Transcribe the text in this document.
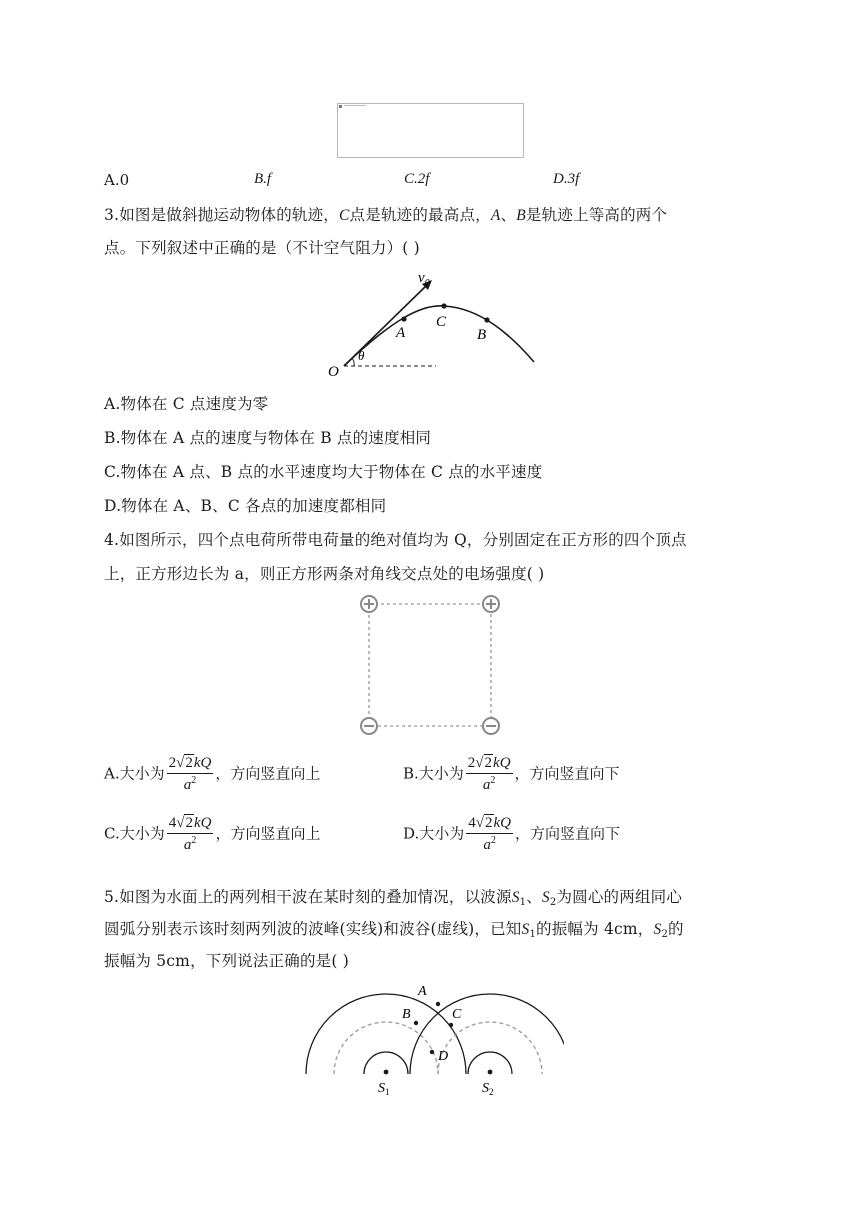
A.0	B.f	C.2f	D.3f
3.如图是做斜抛运动物体的轨迹，C点是轨迹的最高点，A、B是轨迹上等高的两个
点。下列叙述中正确的是（不计空气阻力）( )
$v_0$
A
C
B
O
θ
A.物体在 C 点速度为零
B.物体在 A 点的速度与物体在 B 点的速度相同
C.物体在 A 点、B 点的水平速度均大于物体在 C 点的水平速度
D.物体在 A、B、C 各点的加速度都相同
4.如图所示，四个点电荷所带电荷量的绝对值均为 Q，分别固定在正方形的四个顶点
上，正方形边长为 a，则正方形两条对角线交点处的电场强度( )
A.大小为 $\frac{2√2kQ}{a^2}$ ，方向竖直向上	B.大小为 $\frac{2√2kQ}{a^2}$ ，方向竖直向下
C.大小为 $\frac{4√2kQ}{a^2}$ ，方向竖直向上	D.大小为 $\frac{4√2kQ}{a^2}$ ，方向竖直向下
5.如图为水面上的两列相干波在某时刻的叠加情况，以波源$S_1$、$S_2$为圆心的两组同心
圆弧分别表示该时刻两列波的波峰(实线)和波谷(虚线)，已知$S_1$的振幅为 4cm，$S_2$的
振幅为 5cm，下列说法正确的是( )
A
B	C
D
$S_1$	$S_2$
